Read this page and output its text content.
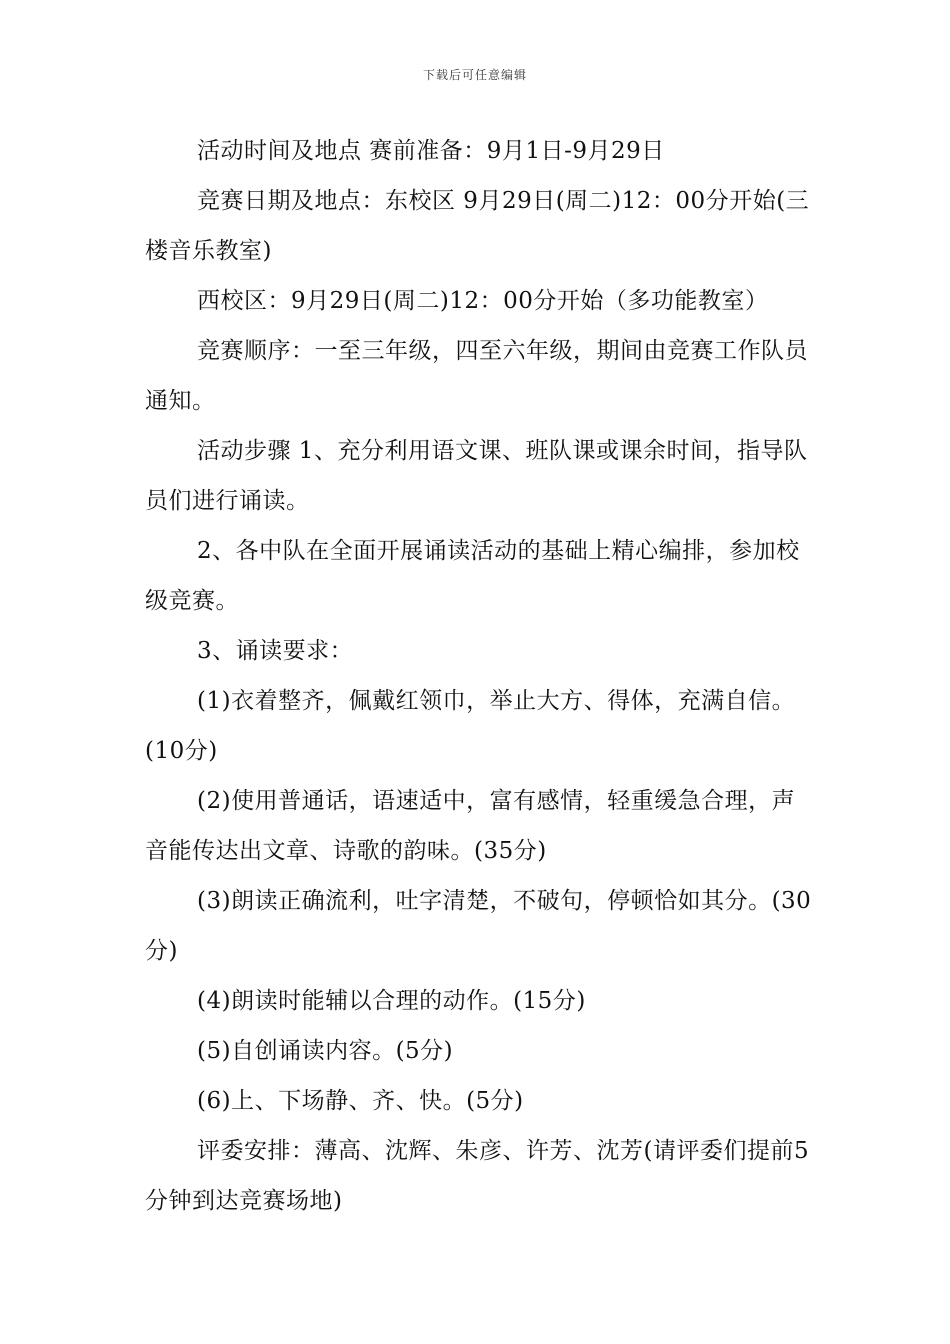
下载后可任意编辑

活动时间及地点 赛前准备：9月1日-9月29日

竞赛日期及地点：东校区 9月29日(周二)12：00分开始(三楼音乐教室)

西校区：9月29日(周二)12：00分开始（多功能教室）

竞赛顺序：一至三年级，四至六年级，期间由竞赛工作队员通知。

活动步骤 1、充分利用语文课、班队课或课余时间，指导队员们进行诵读。

2、各中队在全面开展诵读活动的基础上精心编排，参加校级竞赛。

3、诵读要求：

(1)衣着整齐，佩戴红领巾，举止大方、得体，充满自信。(10分)

(2)使用普通话，语速适中，富有感情，轻重缓急合理，声音能传达出文章、诗歌的韵味。(35分)

(3)朗读正确流利，吐字清楚，不破句，停顿恰如其分。(30分)

(4)朗读时能辅以合理的动作。(15分)

(5)自创诵读内容。(5分)

(6)上、下场静、齐、快。(5分)

评委安排：薄高、沈辉、朱彦、许芳、沈芳(请评委们提前5分钟到达竞赛场地)
